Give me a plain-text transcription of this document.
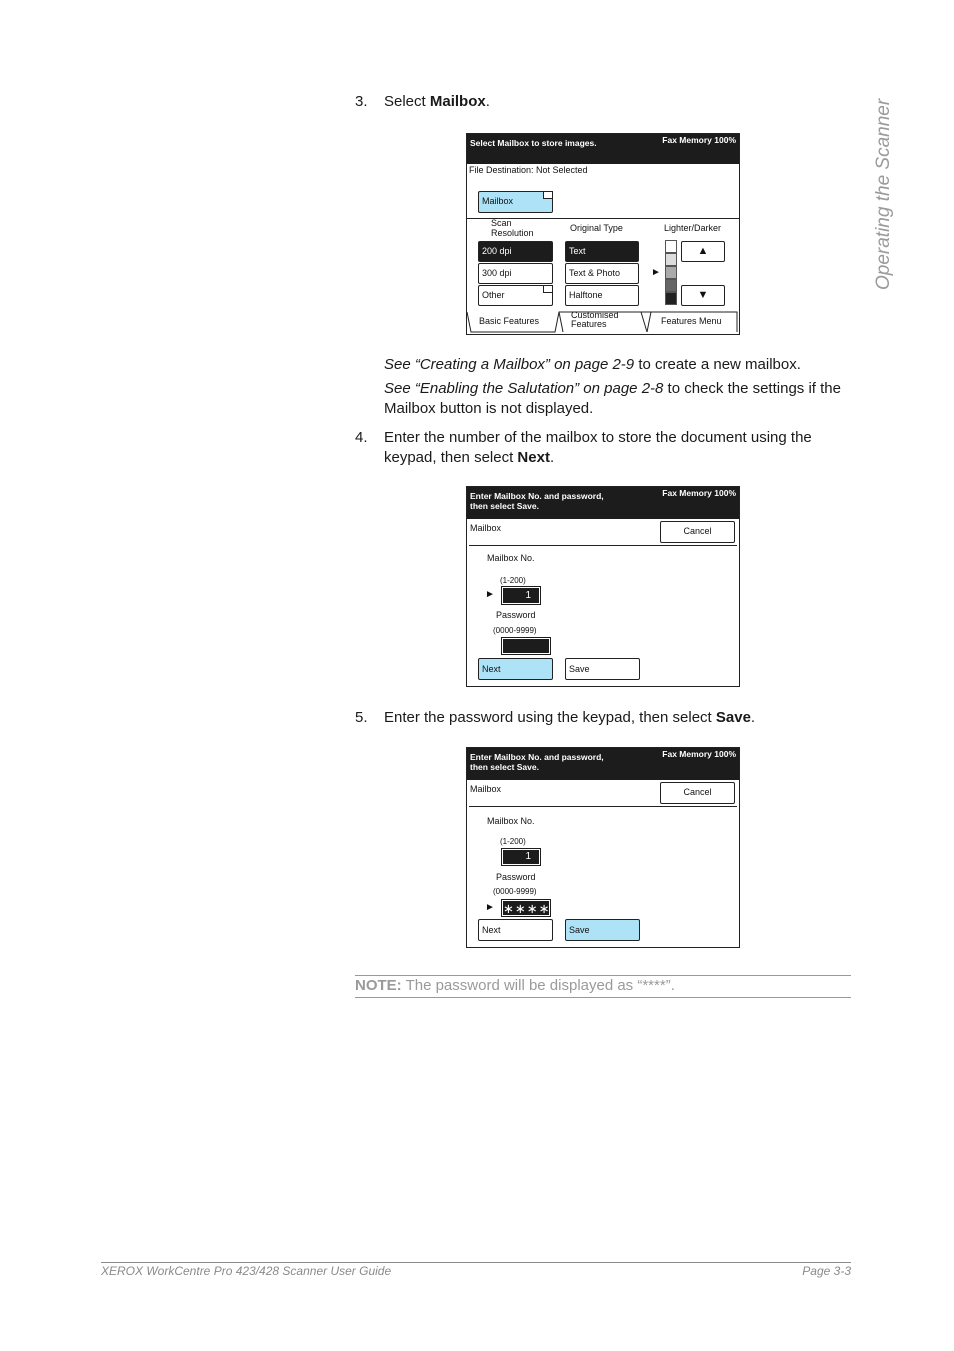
Operating the Scanner
3. Select Mailbox.
Select Mailbox to store images.	Fax Memory 100%
File Destination: Not Selected
Mailbox
Scan
Resolution	Original Type	Lighter/Darker
200 dpi
300 dpi
Other
Text
Text & Photo
Halftone
►
▲
▼
Basic Features
Customised
Features	Features Menu
See “Creating a Mailbox” on page 2-9 to create a new mailbox.
See “Enabling the Salutation” on page 2-8 to check the settings if the Mailbox button is not displayed.
4. Enter the number of the mailbox to store the document using the keypad, then select Next.
Enter Mailbox No. and password,
then select Save.
Fax Memory 100%
Mailbox	Cancel
Mailbox No.
(1-200)
►	1
Password
(0000-9999)
Next	Save
5. Enter the password using the keypad, then select Save.
Enter Mailbox No. and password,
then select Save.
Fax Memory 100%
Mailbox	Cancel
Mailbox No.
(1-200)
1
Password
(0000-9999)
► ∗∗∗∗
Next	Save
NOTE: The password will be displayed as “****”.
XEROX WorkCentre Pro 423/428 Scanner User Guide	Page 3-3
